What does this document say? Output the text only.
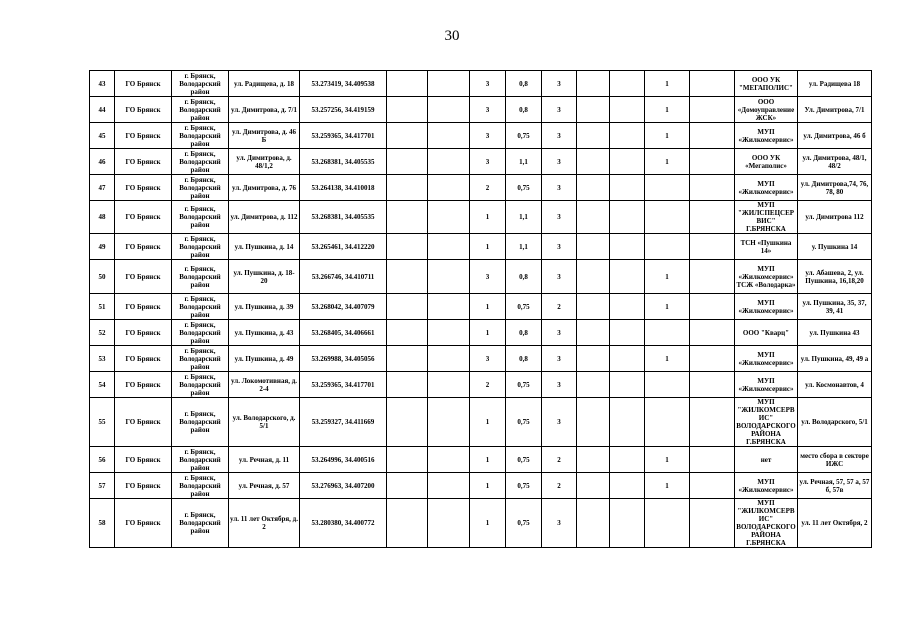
30
43	ГО Брянск	г. Брянск, Володарский район	ул. Радищева, д. 18	53.273419, 34.409538			3	0,8	3			1		ООО УК "МЕГАПОЛИС"	ул. Радищева 18
44	ГО Брянск	г. Брянск, Володарский район	ул. Димитрова, д. 7/1	53.257256, 34.419159			3	0,8	3			1		ООО «Домоуправление ЖСК»	Ул. Димитрова, 7/1
45	ГО Брянск	г. Брянск, Володарский район	ул. Димитрова, д. 46 Б	53.259365, 34.417701			3	0,75	3			1		МУП «Жилкомсервис»	ул. Димитрова, 46 б
46	ГО Брянск	г. Брянск, Володарский район	ул. Димитрова, д. 48/1,2	53.268381, 34.405535			3	1,1	3			1		ООО УК «Мегаполис»	ул. Димитрова, 48/1, 48/2
47	ГО Брянск	г. Брянск, Володарский район	ул. Димитрова, д. 76	53.264138, 34.410018			2	0,75	3					МУП «Жилкомсервис»	ул. Димитрова,74, 76, 78, 80
48	ГО Брянск	г. Брянск, Володарский район	ул. Димитрова, д. 112	53.268381, 34.405535			1	1,1	3					МУП "ЖИЛСПЕЦСЕРВИС" Г.БРЯНСКА	ул. Димитрова 112
49	ГО Брянск	г. Брянск, Володарский район	ул. Пушкина, д. 14	53.265461, 34.412220			1	1,1	3					ТСН «Пушкина 14»	у. Пушкина 14
50	ГО Брянск	г. Брянск, Володарский район	ул. Пушкина, д. 18-20	53.266746, 34.410711			3	0,8	3			1		МУП «Жилкомсервис» ТСЖ «Володарка»	ул. Абашева, 2, ул. Пушкина, 16,18,20
51	ГО Брянск	г. Брянск, Володарский район	ул. Пушкина, д. 39	53.268042, 34.407079			1	0,75	2			1		МУП «Жилкомсервис»	ул. Пушкина, 35, 37, 39, 41
52	ГО Брянск	г. Брянск, Володарский район	ул. Пушкина, д. 43	53.268405, 34.406661			1	0,8	3					ООО "Кварц"	ул. Пушкина 43
53	ГО Брянск	г. Брянск, Володарский район	ул. Пушкина, д. 49	53.269988, 34.405056			3	0,8	3			1		МУП «Жилкомсервис»	ул. Пушкина, 49, 49 а
54	ГО Брянск	г. Брянск, Володарский район	ул. Локомотивная, д. 2-4	53.259365, 34.417701			2	0,75	3					МУП «Жилкомсервис»	ул. Космонавтов, 4
55	ГО Брянск	г. Брянск, Володарский район	ул. Володарского, д. 5/1	53.259327, 34.411669			1	0,75	3					МУП "ЖИЛКОМСЕРВИС" ВОЛОДАРСКОГО РАЙОНА Г.БРЯНСКА	ул. Володарского, 5/1
56	ГО Брянск	г. Брянск, Володарский район	ул. Речная, д. 11	53.264996, 34.400516			1	0,75	2			1		нет	место сбора в секторе ИЖС
57	ГО Брянск	г. Брянск, Володарский район	ул. Речная, д. 57	53.276963, 34.407200			1	0,75	2			1		МУП «Жилкомсервис»	ул. Речная, 57, 57 а, 57 б, 57в
58	ГО Брянск	г. Брянск, Володарский район	ул. 11 лет Октября, д. 2	53.280380, 34.400772			1	0,75	3					МУП "ЖИЛКОМСЕРВИС" ВОЛОДАРСКОГО РАЙОНА Г.БРЯНСКА	ул. 11 лет Октября, 2
